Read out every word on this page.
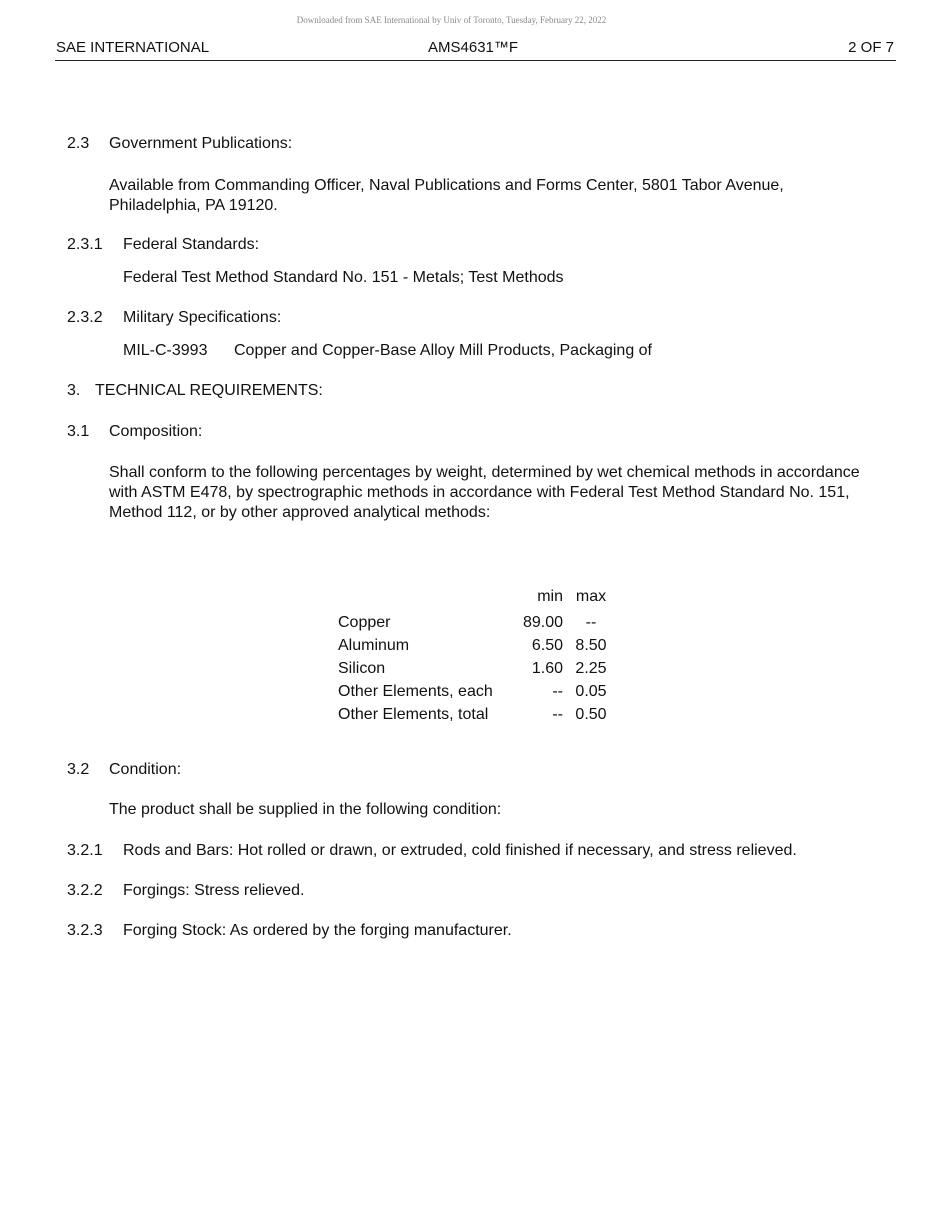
Downloaded from SAE International by Univ of Toronto, Tuesday, February 22, 2022
SAE INTERNATIONAL	AMS4631™F	2 OF 7
2.3 Government Publications:
Available from Commanding Officer, Naval Publications and Forms Center, 5801 Tabor Avenue, Philadelphia, PA 19120.
2.3.1 Federal Standards:
Federal Test Method Standard No. 151 - Metals; Test Methods
2.3.2 Military Specifications:
MIL-C-3993 Copper and Copper-Base Alloy Mill Products, Packaging of
3. TECHNICAL REQUIREMENTS:
3.1 Composition:
Shall conform to the following percentages by weight, determined by wet chemical methods in accordance with ASTM E478, by spectrographic methods in accordance with Federal Test Method Standard No. 151, Method 112, or by other approved analytical methods:
	min	max
Copper	89.00	--
Aluminum	6.50	8.50
Silicon	1.60	2.25
Other Elements, each	--	0.05
Other Elements, total	--	0.50
3.2 Condition:
The product shall be supplied in the following condition:
3.2.1 Rods and Bars: Hot rolled or drawn, or extruded, cold finished if necessary, and stress relieved.
3.2.2 Forgings: Stress relieved.
3.2.3 Forging Stock: As ordered by the forging manufacturer.
